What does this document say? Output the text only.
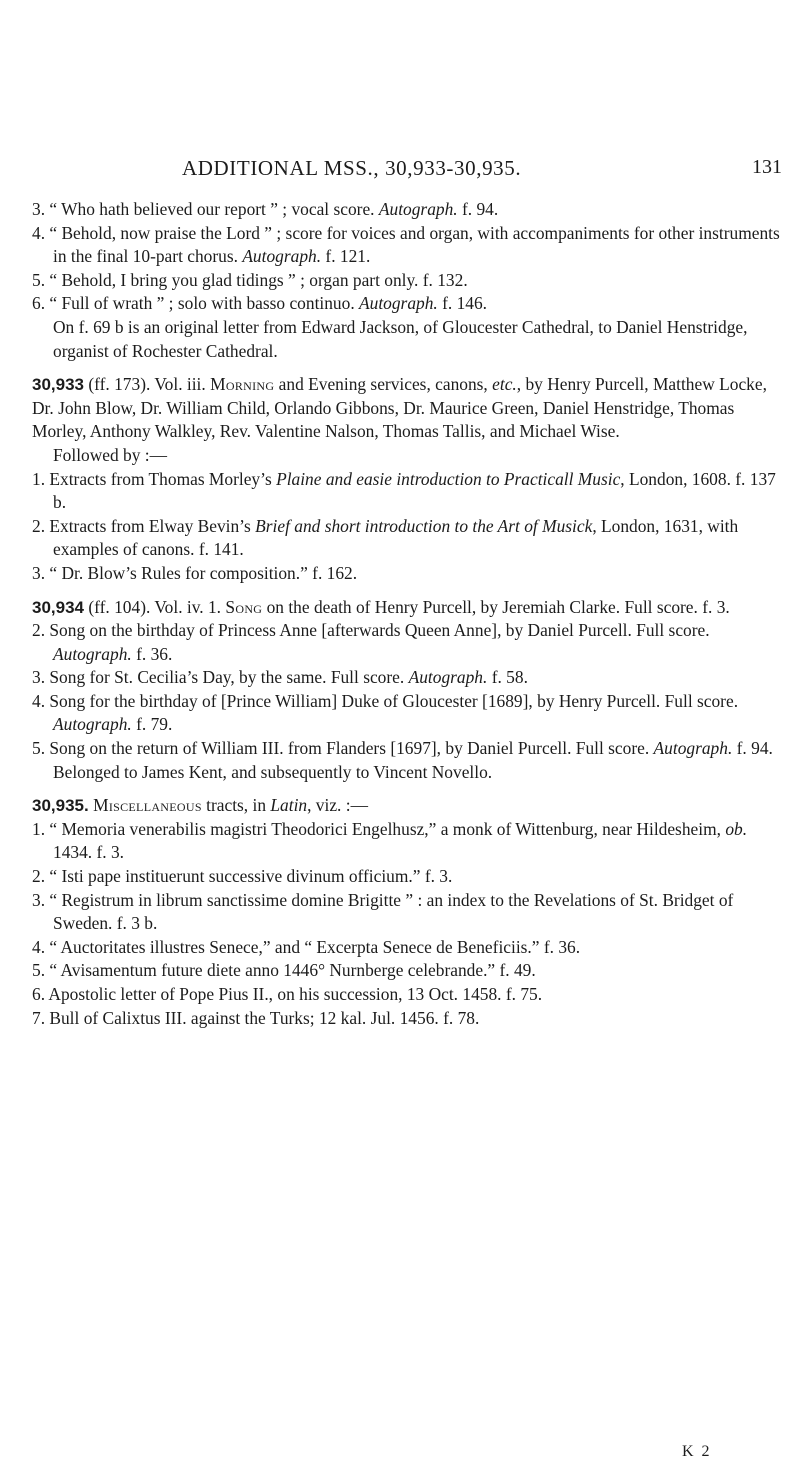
ADDITIONAL MSS., 30,933-30,935.	131

3. “ Who hath believed our report ” ; vocal score. Autograph. f. 94.

4. “ Behold, now praise the Lord ” ; score for voices and organ, with accompaniments for other instruments in the final 10-part chorus. Autograph. f. 121.

5. “ Behold, I bring you glad tidings ” ; organ part only. f. 132.

6. “ Full of wrath ” ; solo with basso continuo. Autograph. f. 146.

On f. 69 b is an original letter from Edward Jackson, of Gloucester Cathedral, to Daniel Henstridge, organist of Rochester Cathedral.

30,933 (ff. 173). Vol. iii. Morning and Evening services, canons, etc., by Henry Purcell, Matthew Locke, Dr. John Blow, Dr. William Child, Orlando Gibbons, Dr. Maurice Green, Daniel Henstridge, Thomas Morley, Anthony Walkley, Rev. Valentine Nalson, Thomas Tallis, and Michael Wise.

Followed by :—

1. Extracts from Thomas Morley’s Plaine and easie introduction to Practicall Music, London, 1608. f. 137 b.

2. Extracts from Elway Bevin’s Brief and short introduction to the Art of Musick, London, 1631, with examples of canons. f. 141.

3. “ Dr. Blow’s Rules for composition.” f. 162.

30,934 (ff. 104). Vol. iv. 1. Song on the death of Henry Purcell, by Jeremiah Clarke. Full score. f. 3.

2. Song on the birthday of Princess Anne [afterwards Queen Anne], by Daniel Purcell. Full score. Autograph. f. 36.

3. Song for St. Cecilia’s Day, by the same. Full score. Autograph. f. 58.

4. Song for the birthday of [Prince William] Duke of Gloucester [1689], by Henry Purcell. Full score. Autograph. f. 79.

5. Song on the return of William III. from Flanders [1697], by Daniel Purcell. Full score. Autograph. f. 94.

Belonged to James Kent, and subsequently to Vincent Novello.

30,935. Miscellaneous tracts, in Latin, viz. :—

1. “ Memoria venerabilis magistri Theodorici Engelhusz,” a monk of Wittenburg, near Hildesheim, ob. 1434. f. 3.

2. “ Isti pape instituerunt successive divinum officium.” f. 3.

3. “ Registrum in librum sanctissime domine Brigitte ” : an index to the Revelations of St. Bridget of Sweden. f. 3 b.

4. “ Auctoritates illustres Senece,” and “ Excerpta Senece de Beneficiis.” f. 36.

5. “ Avisamentum future diete anno 1446° Nurnberge celebrande.” f. 49.

6. Apostolic letter of Pope Pius II., on his succession, 13 Oct. 1458. f. 75.

7. Bull of Calixtus III. against the Turks; 12 kal. Jul. 1456. f. 78.

K 2
